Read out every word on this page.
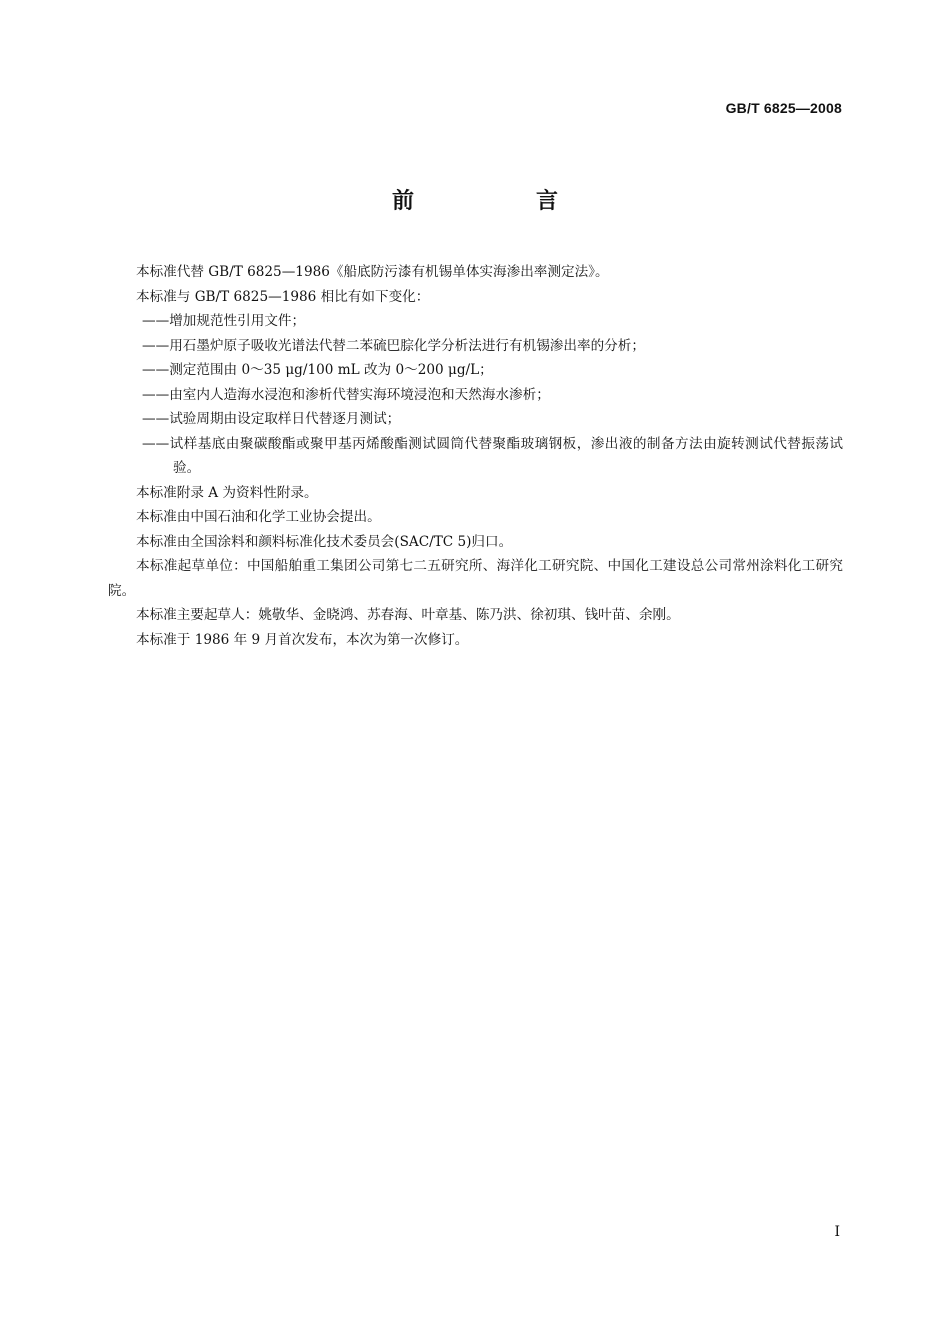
GB/T 6825—2008
前　言

本标准代替 GB/T 6825—1986《船底防污漆有机锡单体实海渗出率测定法》。

本标准与 GB/T 6825—1986 相比有如下变化：

——增加规范性引用文件；

——用石墨炉原子吸收光谱法代替二苯硫巴腙化学分析法进行有机锡渗出率的分析；

——测定范围由 0～35 μg/100 mL 改为 0～200 μg/L；

——由室内人造海水浸泡和渗析代替实海环境浸泡和天然海水渗析；

——试验周期由设定取样日代替逐月测试；

——试样基底由聚碳酸酯或聚甲基丙烯酸酯测试圆筒代替聚酯玻璃钢板，渗出液的制备方法由旋转测试代替振荡试验。

本标准附录 A 为资料性附录。

本标准由中国石油和化学工业协会提出。

本标准由全国涂料和颜料标准化技术委员会(SAC/TC 5)归口。

本标准起草单位：中国船舶重工集团公司第七二五研究所、海洋化工研究院、中国化工建设总公司常州涂料化工研究院。

本标准主要起草人：姚敬华、金晓鸿、苏春海、叶章基、陈乃洪、徐初琪、钱叶苗、余刚。

本标准于 1986 年 9 月首次发布，本次为第一次修订。

I
